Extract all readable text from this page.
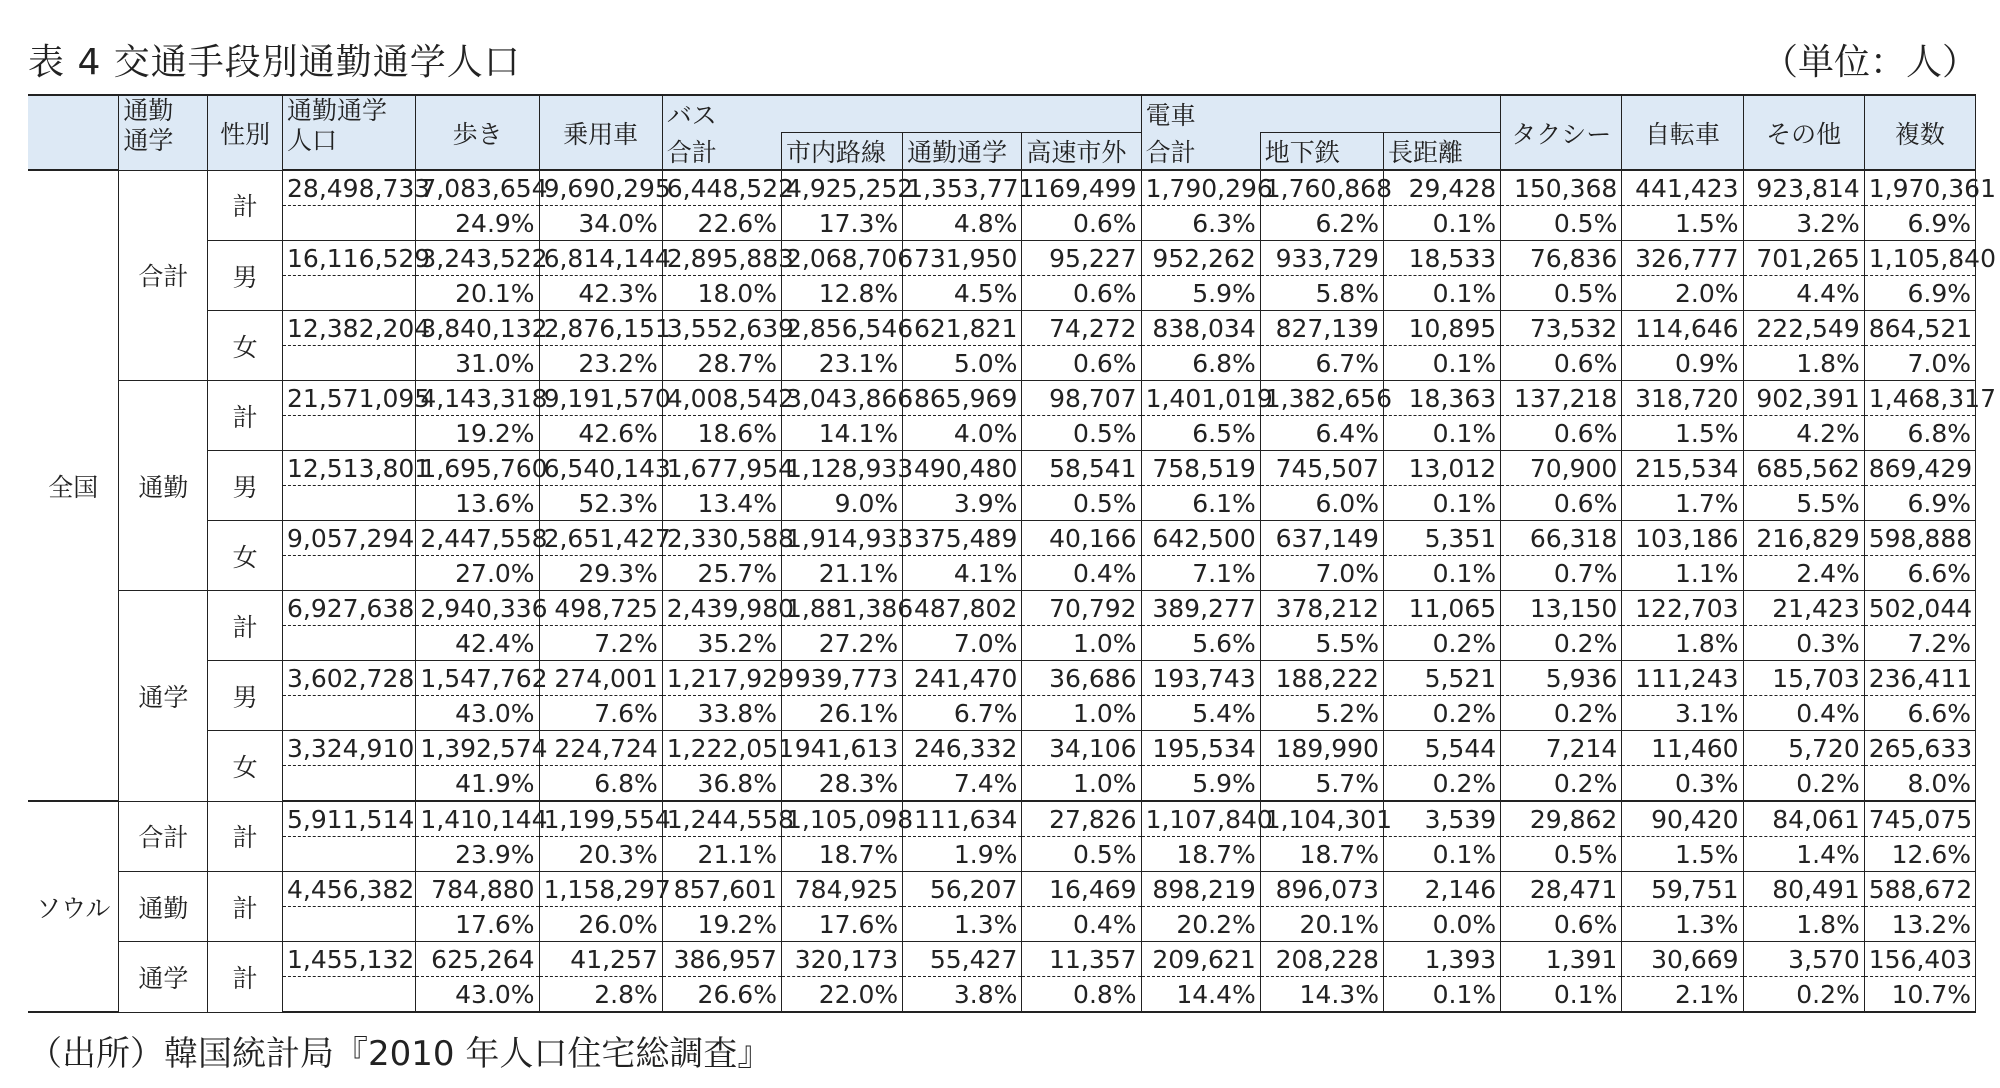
表 4 交通手段別通勤通学人口	（単位：人）
	通勤
通学	性別	通勤通学
人口	歩き	乗用車	バス				電車			タクシー	自転車	その他	複数
						合計	市内路線	通勤通学	高速市外	合計	地下鉄	長距離				
全国	合計	計	28,498,733	7,083,654	9,690,295	6,448,522	4,925,252	1,353,771	169,499	1,790,296	1,760,868	29,428	150,368	441,423	923,814	1,970,361
				24.9%	34.0%	22.6%	17.3%	4.8%	0.6%	6.3%	6.2%	0.1%	0.5%	1.5%	3.2%	6.9%
		男	16,116,529	3,243,522	6,814,144	2,895,883	2,068,706	731,950	95,227	952,262	933,729	18,533	76,836	326,777	701,265	1,105,840
				20.1%	42.3%	18.0%	12.8%	4.5%	0.6%	5.9%	5.8%	0.1%	0.5%	2.0%	4.4%	6.9%
		女	12,382,204	3,840,132	2,876,151	3,552,639	2,856,546	621,821	74,272	838,034	827,139	10,895	73,532	114,646	222,549	864,521
				31.0%	23.2%	28.7%	23.1%	5.0%	0.6%	6.8%	6.7%	0.1%	0.6%	0.9%	1.8%	7.0%
	通勤	計	21,571,095	4,143,318	9,191,570	4,008,542	3,043,866	865,969	98,707	1,401,019	1,382,656	18,363	137,218	318,720	902,391	1,468,317
				19.2%	42.6%	18.6%	14.1%	4.0%	0.5%	6.5%	6.4%	0.1%	0.6%	1.5%	4.2%	6.8%
		男	12,513,801	1,695,760	6,540,143	1,677,954	1,128,933	490,480	58,541	758,519	745,507	13,012	70,900	215,534	685,562	869,429
				13.6%	52.3%	13.4%	9.0%	3.9%	0.5%	6.1%	6.0%	0.1%	0.6%	1.7%	5.5%	6.9%
		女	9,057,294	2,447,558	2,651,427	2,330,588	1,914,933	375,489	40,166	642,500	637,149	5,351	66,318	103,186	216,829	598,888
				27.0%	29.3%	25.7%	21.1%	4.1%	0.4%	7.1%	7.0%	0.1%	0.7%	1.1%	2.4%	6.6%
	通学	計	6,927,638	2,940,336	498,725	2,439,980	1,881,386	487,802	70,792	389,277	378,212	11,065	13,150	122,703	21,423	502,044
				42.4%	7.2%	35.2%	27.2%	7.0%	1.0%	5.6%	5.5%	0.2%	0.2%	1.8%	0.3%	7.2%
		男	3,602,728	1,547,762	274,001	1,217,929	939,773	241,470	36,686	193,743	188,222	5,521	5,936	111,243	15,703	236,411
				43.0%	7.6%	33.8%	26.1%	6.7%	1.0%	5.4%	5.2%	0.2%	0.2%	3.1%	0.4%	6.6%
		女	3,324,910	1,392,574	224,724	1,222,051	941,613	246,332	34,106	195,534	189,990	5,544	7,214	11,460	5,720	265,633
				41.9%	6.8%	36.8%	28.3%	7.4%	1.0%	5.9%	5.7%	0.2%	0.2%	0.3%	0.2%	8.0%
ソウル	合計	計	5,911,514	1,410,144	1,199,554	1,244,558	1,105,098	111,634	27,826	1,107,840	1,104,301	3,539	29,862	90,420	84,061	745,075
				23.9%	20.3%	21.1%	18.7%	1.9%	0.5%	18.7%	18.7%	0.1%	0.5%	1.5%	1.4%	12.6%
	通勤	計	4,456,382	784,880	1,158,297	857,601	784,925	56,207	16,469	898,219	896,073	2,146	28,471	59,751	80,491	588,672
				17.6%	26.0%	19.2%	17.6%	1.3%	0.4%	20.2%	20.1%	0.0%	0.6%	1.3%	1.8%	13.2%
	通学	計	1,455,132	625,264	41,257	386,957	320,173	55,427	11,357	209,621	208,228	1,393	1,391	30,669	3,570	156,403
				43.0%	2.8%	26.6%	22.0%	3.8%	0.8%	14.4%	14.3%	0.1%	0.1%	2.1%	0.2%	10.7%
（出所）韓国統計局『2010 年人口住宅総調査』
